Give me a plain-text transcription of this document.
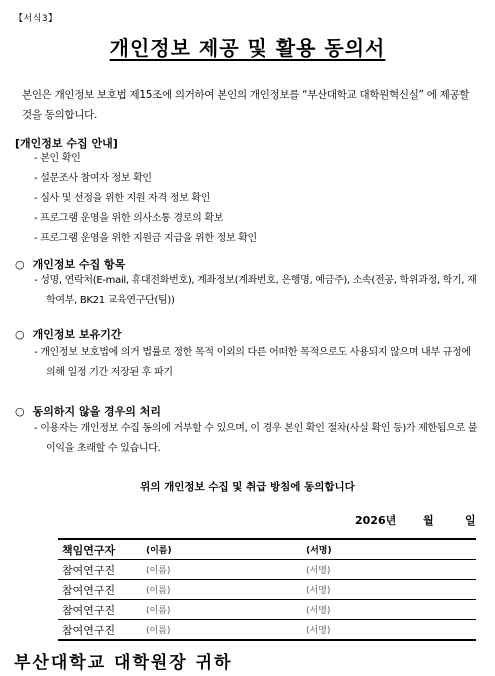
【서식3】
개인정보 제공 및 활용 동의서
본인은 개인정보 보호법 제15조에 의거하여 본인의 개인정보를 “부산대학교 대학원혁신실” 에 제공할 것을 동의합니다.
[개인정보 수집 안내]
- 본인 확인
- 설문조사 참여자 정보 확인
- 심사 및 선정을 위한 지원 자격 정보 확인
- 프로그램 운영을 위한 의사소통 경로의 확보
- 프로그램 운영을 위한 지원금 지급을 위한 정보 확인
○ 개인정보 수집 항목
- 성명, 연락처(E-mail, 휴대전화번호), 계좌정보(계좌번호, 은행명, 예금주), 소속(전공, 학위과정, 학기, 재학여부, BK21 교육연구단(팀))
○ 개인정보 보유기간
- 개인정보 보호법에 의거 법률로 정한 목적 이외의 다른 어떠한 목적으로도 사용되지 않으며 내부 규정에 의해 일정 기간 저장된 후 파기
○ 동의하지 않을 경우의 처리
- 이용자는 개인정보 수집 동의에 거부할 수 있으며, 이 경우 본인 확인 절차(사실 확인 등)가 제한됨으로 불이익을 초래할 수 있습니다.
위의 개인정보 수집 및 취급 방침에 동의합니다
2026년 월	일
책임연구자	(이름)	(서명)
참여연구진	(이름)	(서명)
참여연구진	(이름)	(서명)
참여연구진	(이름)	(서명)
참여연구진	(이름)	(서명)
부산대학교 대학원장 귀하
